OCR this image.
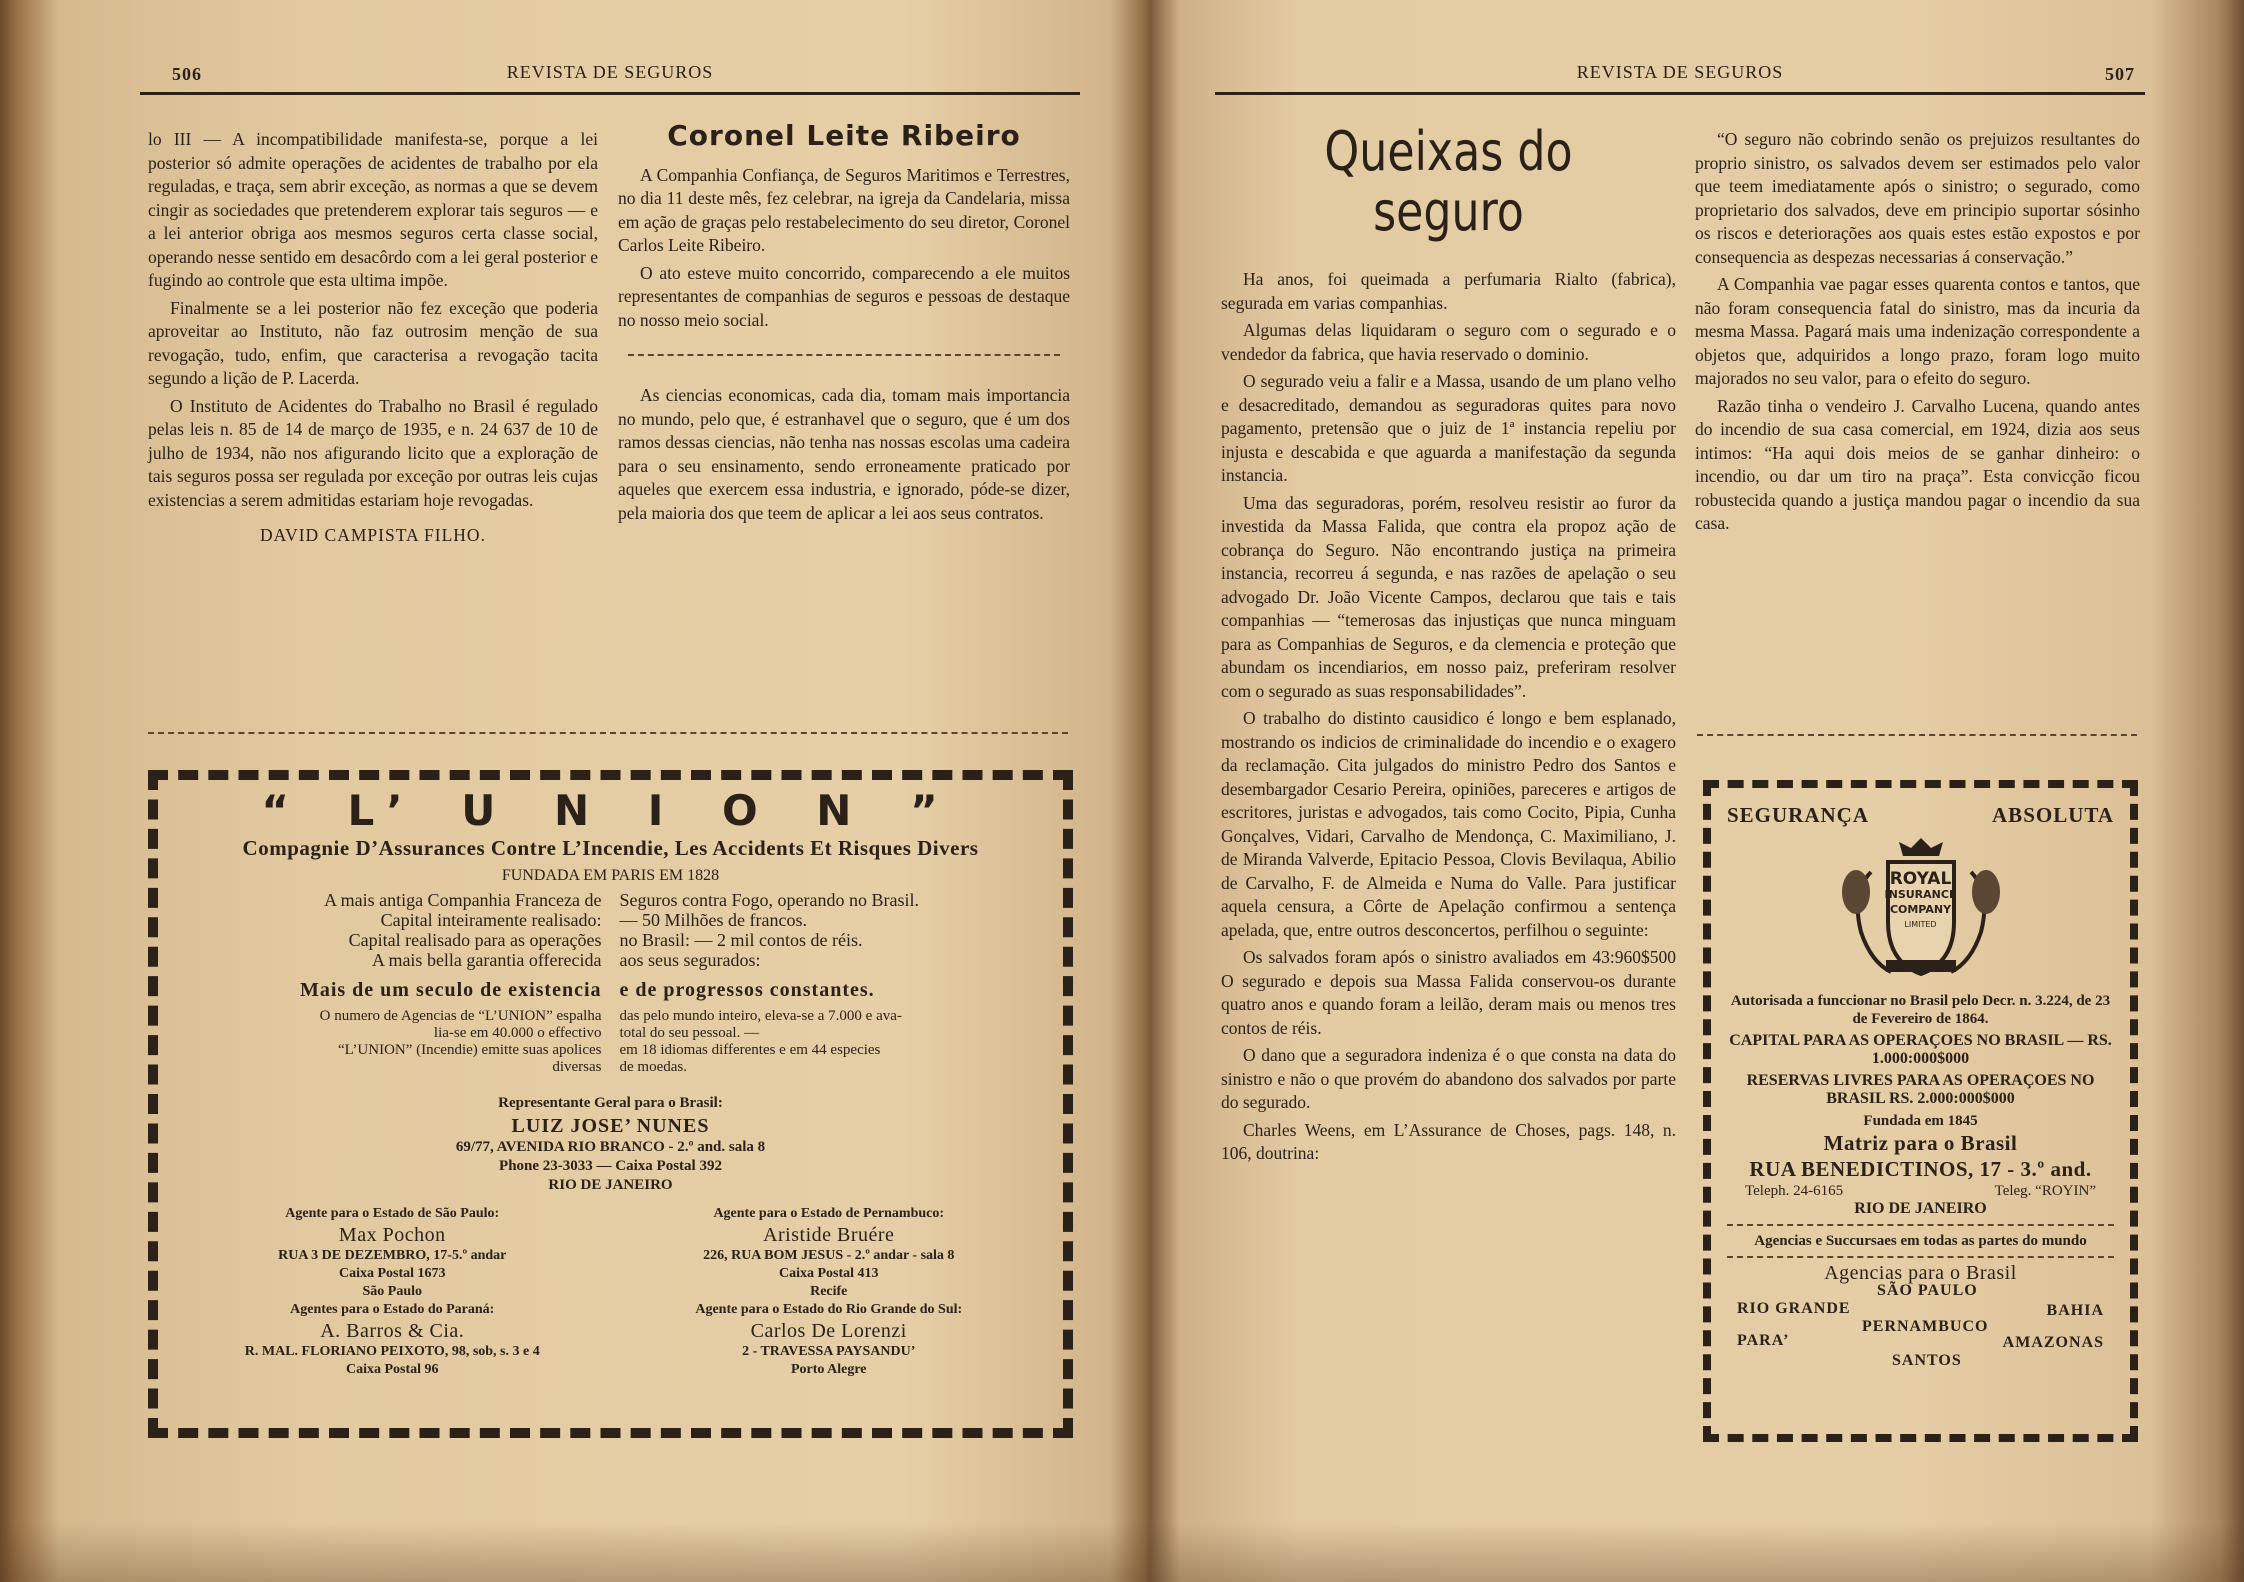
506	REVISTA DE SEGUROS

lo III — A incompatibilidade manifesta-se, porque a lei posterior só admite operações de acidentes de trabalho por ela reguladas, e traça, sem abrir exceção, as normas a que se devem cingir as sociedades que pretenderem explorar tais seguros — e a lei anterior obriga aos mesmos seguros certa classe social, operando nesse sentido em desacôrdo com a lei geral posterior e fugindo ao controle que esta ultima impõe.

Finalmente se a lei posterior não fez exceção que poderia aproveitar ao Instituto, não faz outrosim menção de sua revogação, tudo, enfim, que caracterisa a revogação tacita segundo a lição de P. Lacerda.

O Instituto de Acidentes do Trabalho no Brasil é regulado pelas leis n. 85 de 14 de março de 1935, e n. 24 637 de 10 de julho de 1934, não nos afigurando licito que a exploração de tais seguros possa ser regulada por exceção por outras leis cujas existencias a serem admitidas estariam hoje revogadas.

DAVID CAMPISTA FILHO.
Coronel Leite Ribeiro

A Companhia Confiança, de Seguros Maritimos e Terrestres, no dia 11 deste mês, fez celebrar, na igreja da Candelaria, missa em ação de graças pelo restabelecimento do seu diretor, Coronel Carlos Leite Ribeiro.

O ato esteve muito concorrido, comparecendo a ele muitos representantes de companhias de seguros e pessoas de destaque no nosso meio social.

As ciencias economicas, cada dia, tomam mais importancia no mundo, pelo que, é estranhavel que o seguro, que é um dos ramos dessas ciencias, não tenha nas nossas escolas uma cadeira para o seu ensinamento, sendo erroneamente praticado por aqueles que exercem essa industria, e ignorado, póde-se dizer, pela maioria dos que teem de aplicar a lei aos seus contratos.

“ L’ U N I O N ”
Compagnie D’Assurances Contre L’Incendie, Les Accidents Et Risques Divers
FUNDADA EM PARIS EM 1828
A mais antiga Companhia Franceza de Seguros contra Fogo, operando no Brasil.
Capital inteiramente realisado: — 50 Milhões de francos.
Capital realisado para as operações no Brasil: — 2 mil contos de réis.
A mais bella garantia offerecida aos seus segurados:
Mais de um seculo de existencia e de progressos constantes.
O numero de Agencias de “L’UNION” espalha das pelo mundo inteiro, eleva-se a 7.000 e ava-
lia-se em 40.000 o effectivo total do seu pessoal. —
“L’UNION” (Incendie) emitte suas apolices em 18 idiomas differentes e em 44 especies
diversas de moedas.
Representante Geral para o Brasil:
LUIZ JOSE’ NUNES
69/77, AVENIDA RIO BRANCO - 2.º and. sala 8
Phone 23-3033 — Caixa Postal 392
RIO DE JANEIRO
Agente para o Estado de São Paulo:
Max Pochon
RUA 3 DE DEZEMBRO, 17-5.º andar
Caixa Postal 1673
São Paulo
Agente para o Estado de Pernambuco:
Aristide Bruére
226, RUA BOM JESUS - 2.º andar - sala 8
Caixa Postal 413
Recife
Agentes para o Estado do Paraná:
A. Barros & Cia.
R. MAL. FLORIANO PEIXOTO, 98, sob, s. 3 e 4
Caixa Postal 96
Agente para o Estado do Rio Grande do Sul:
Carlos De Lorenzi
2 - TRAVESSA PAYSANDU’
Porto Alegre
REVISTA DE SEGUROS	507
Queixas do seguro

Ha anos, foi queimada a perfumaria Rialto (fabrica), segurada em varias companhias.

Algumas delas liquidaram o seguro com o segurado e o vendedor da fabrica, que havia reservado o dominio.

O segurado veiu a falir e a Massa, usando de um plano velho e desacreditado, demandou as seguradoras quites para novo pagamento, pretensão que o juiz de 1ª instancia repeliu por injusta e descabida e que aguarda a manifestação da segunda instancia.

Uma das seguradoras, porém, resolveu resistir ao furor da investida da Massa Falida, que contra ela propoz ação de cobrança do Seguro. Não encontrando justiça na primeira instancia, recorreu á segunda, e nas razões de apelação o seu advogado Dr. João Vicente Campos, declarou que tais e tais companhias — “temerosas das injustiças que nunca minguam para as Companhias de Seguros, e da clemencia e proteção que abundam os incendiarios, em nosso paiz, preferiram resolver com o segurado as suas responsabilidades”.

O trabalho do distinto causidico é longo e bem esplanado, mostrando os indicios de criminalidade do incendio e o exagero da reclamação. Cita julgados do ministro Pedro dos Santos e desembargador Cesario Pereira, opiniões, pareceres e artigos de escritores, juristas e advogados, tais como Cocito, Pipia, Cunha Gonçalves, Vidari, Carvalho de Mendonça, C. Maximiliano, J. de Miranda Valverde, Epitacio Pessoa, Clovis Bevilaqua, Abilio de Carvalho, F. de Almeida e Numa do Valle. Para justificar aquela censura, a Côrte de Apelação confirmou a sentença apelada, que, entre outros desconcertos, perfilhou o seguinte:

Os salvados foram após o sinistro avaliados em 43:960$500 O segurado e depois sua Massa Falida conservou-os durante quatro anos e quando foram a leilão, deram mais ou menos tres contos de réis.

O dano que a seguradora indeniza é o que consta na data do sinistro e não o que provém do abandono dos salvados por parte do segurado.

Charles Weens, em L’Assurance de Choses, pags. 148, n. 106, doutrina:

“O seguro não cobrindo senão os prejuizos resultantes do proprio sinistro, os salvados devem ser estimados pelo valor que teem imediatamente após o sinistro; o segurado, como proprietario dos salvados, deve em principio suportar sósinho os riscos e deteriorações aos quais estes estão expostos e por consequencia as despezas necessarias á conservação.”

A Companhia vae pagar esses quarenta contos e tantos, que não foram consequencia fatal do sinistro, mas da incuria da mesma Massa. Pagará mais uma indenização correspondente a objetos que, adquiridos a longo prazo, foram logo muito majorados no seu valor, para o efeito do seguro.

Razão tinha o vendeiro J. Carvalho Lucena, quando antes do incendio de sua casa comercial, em 1924, dizia aos seus intimos: “Ha aqui dois meios de se ganhar dinheiro: o incendio, ou dar um tiro na praça”. Esta convicção ficou robustecida quando a justiça mandou pagar o incendio da sua casa.

SEGURANÇA	ABSOLUTA
ROYAL
INSURANCE
COMPANY
LIMITED
Autorisada a funccionar no Brasil pelo Decr. n. 3.224, de 23 de Fevereiro de 1864.
CAPITAL PARA AS OPERAÇOES NO BRASIL — RS. 1.000:000$000
RESERVAS LIVRES PARA AS OPERAÇOES NO BRASIL RS. 2.000:000$000
Fundada em 1845
Matriz para o Brasil
RUA BENEDICTINOS, 17 - 3.º and.
Teleph. 24-6165	Teleg. “ROYIN”
RIO DE JANEIRO
Agencias e Succursaes em todas as partes do mundo
Agencias para o Brasil
SÃO PAULO
RIO GRANDE	BAHIA
PERNAMBUCO
PARA’	AMAZONAS
SANTOS
